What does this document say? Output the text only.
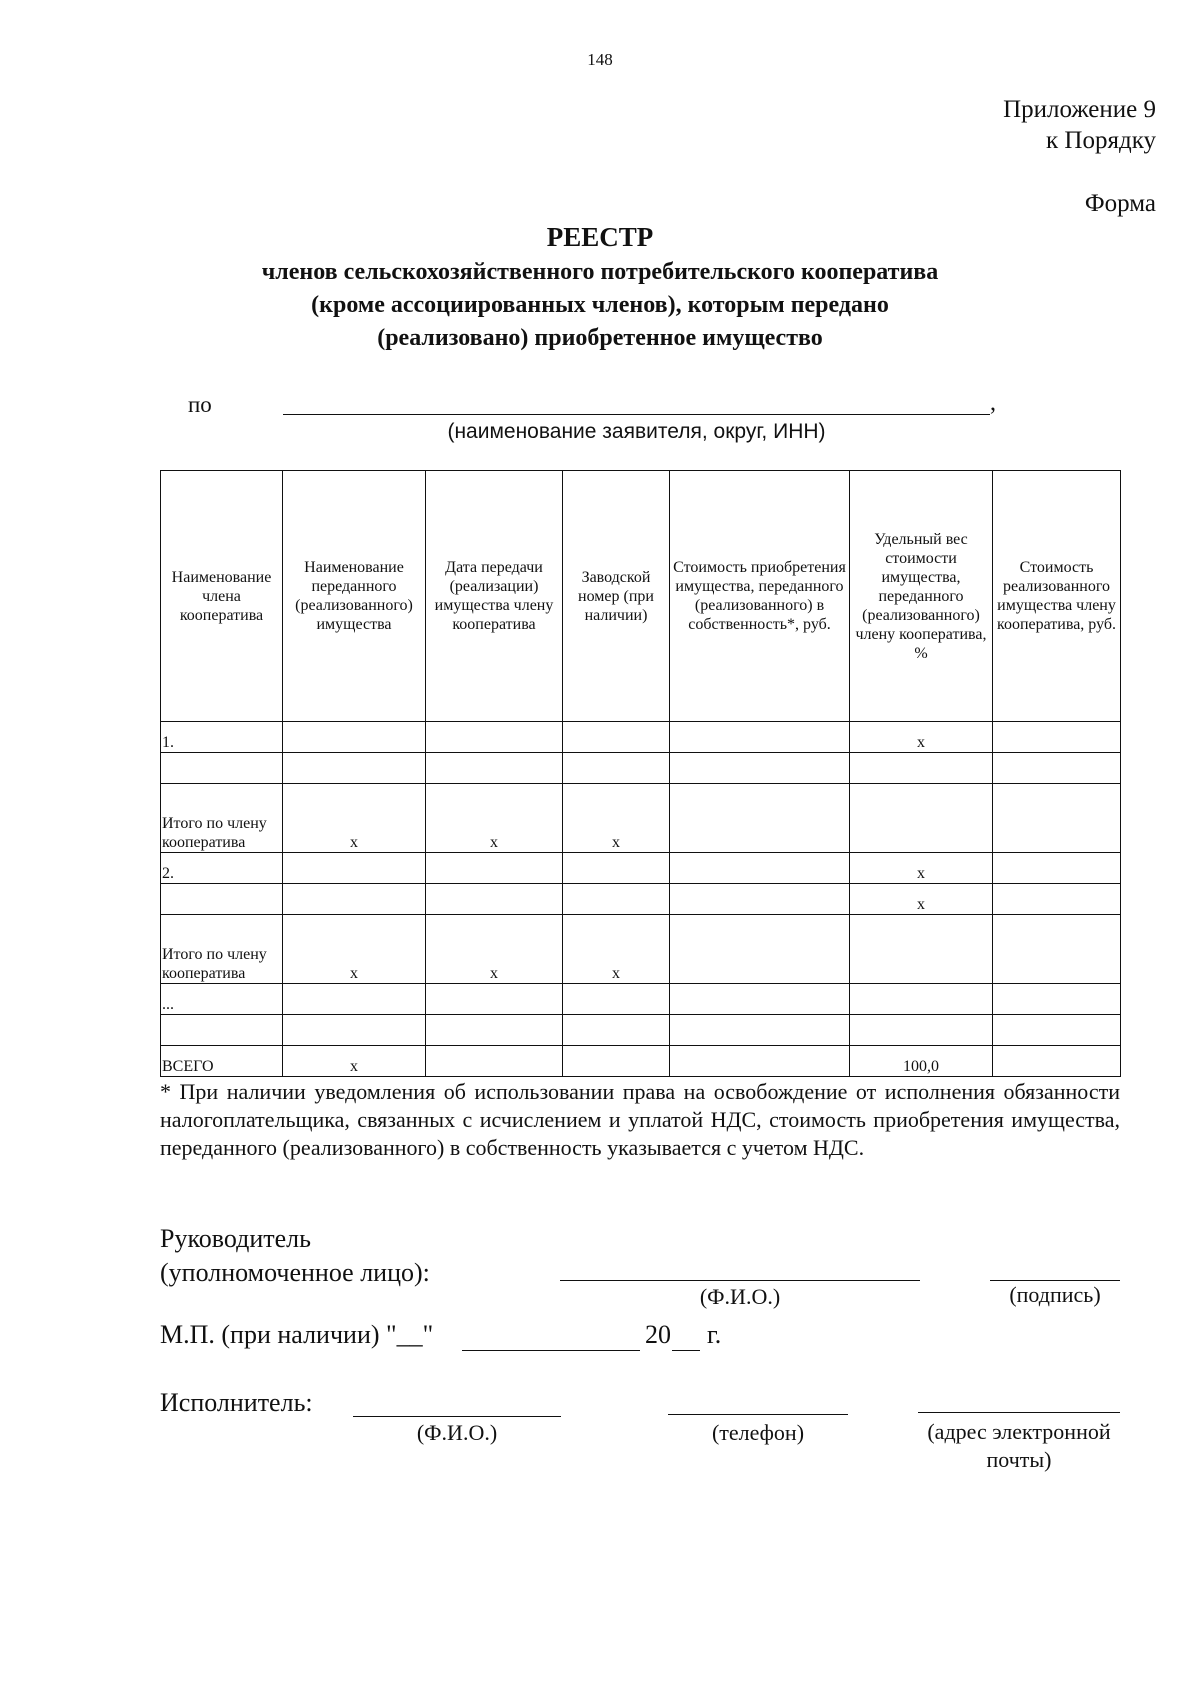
148
Приложение 9
к Порядку
Форма
РЕЕСТР
членов сельскохозяйственного потребительского кооператива
(кроме ассоциированных членов), которым передано
(реализовано) приобретенное имущество
по	,
(наименование заявителя, округ, ИНН)
Наименование члена кооператива	Наименование переданного (реализованного) имущества	Дата передачи (реализации) имущества члену кооператива	Заводской номер (при наличии)	Стоимость приобретения имущества, переданного (реализованного) в собственность*, руб.	Удельный вес стоимости имущества, переданного (реализованного) члену кооператива, %	Стоимость реализованного имущества члену кооператива, руб.
1.					х	

Итого по члену кооператива	х	х	х			
2.					х	
					х	
Итого по члену кооператива	х	х	х			
...						

ВСЕГО	х				100,0	
* При наличии уведомления об использовании права на освобождение от исполнения обязанности налогоплательщика, связанных с исчислением и уплатой НДС, стоимость приобретения имущества, переданного (реализованного) в собственность указывается с учетом НДС.
Руководитель
(уполномоченное лицо):
(Ф.И.О.)	(подпись)
М.П. (при наличии) "__"	20 г.
Исполнитель:
(Ф.И.О.)	(телефон)	(адрес электронной
почты)
